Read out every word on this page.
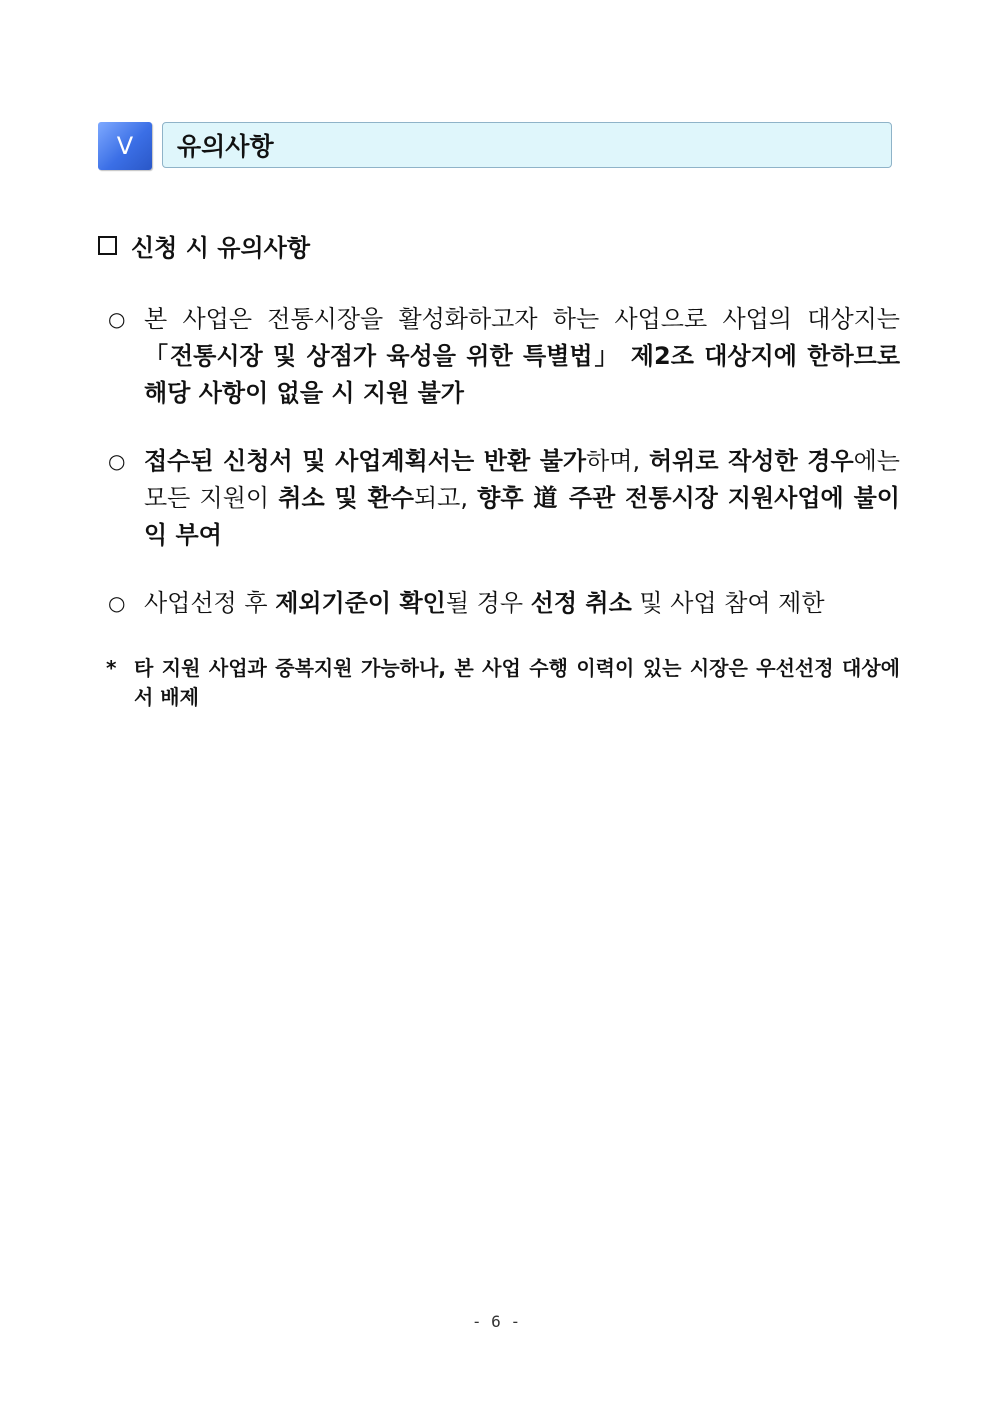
V	유의사항
신청 시 유의사항
○ 본 사업은 전통시장을 활성화하고자 하는 사업으로 사업의 대상지는 「전통시장 및 상점가 육성을 위한 특별법」 제2조 대상지에 한하므로 해당 사항이 없을 시 지원 불가
○ 접수된 신청서 및 사업계획서는 반환 불가하며, 허위로 작성한 경우에는 모든 지원이 취소 및 환수되고, 향후 道 주관 전통시장 지원사업에 불이익 부여
○ 사업선정 후 제외기준이 확인될 경우 선정 취소 및 사업 참여 제한
* 타 지원 사업과 중복지원 가능하나, 본 사업 수행 이력이 있는 시장은 우선선정 대상에서 배제
- 6 -
